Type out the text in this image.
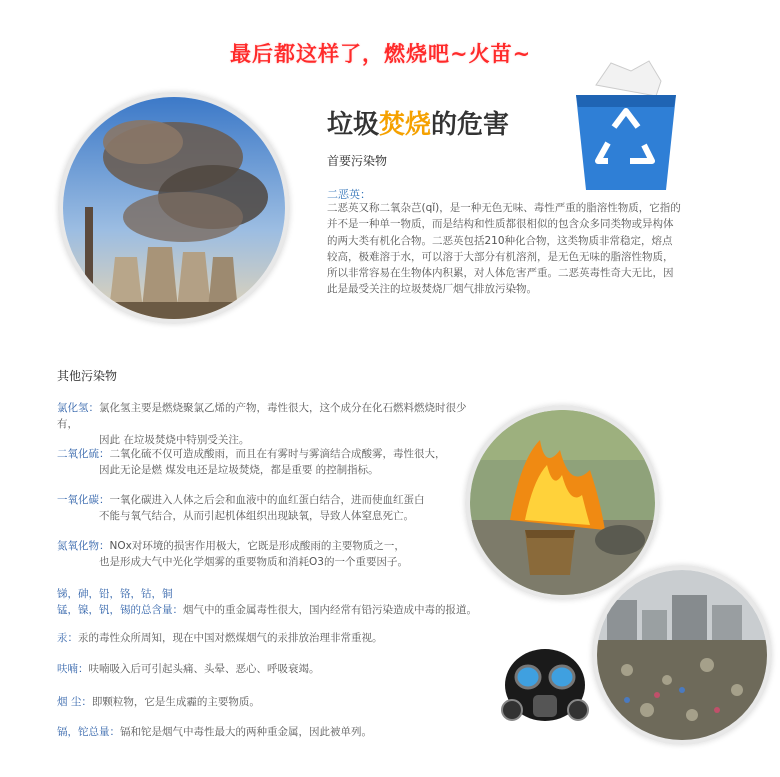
最后都这样了，燃烧吧~火苗~
垃圾焚烧的危害
首要污染物
二恶英：
二恶英又称二氧杂芑(qǐ)，是一种无色无味、毒性严重的脂溶性物质，它指的并不是一种单一物质，而是结构和性质都很相似的包含众多同类物或异构体的两大类有机化合物。二恶英包括210种化合物，这类物质非常稳定，熔点较高，极难溶于水，可以溶于大部分有机溶剂，是无色无味的脂溶性物质，所以非常容易在生物体内积累，对人体危害严重。二恶英毒性奇大无比，因此是最受关注的垃圾焚烧厂烟气排放污染物。
其他污染物
氯化氢：氯化氢主要是燃烧聚氯乙烯的产物，毒性很大，这个成分在化石燃料燃烧时很少有，
因此 在垃圾焚烧中特别受关注。
二氧化硫：二氧化硫不仅可造成酸雨，而且在有雾时与雾滴结合成酸雾，毒性很大，
因此无论是燃 煤发电还是垃圾焚烧，都是重要 的控制指标。
一氧化碳：一氧化碳进入人体之后会和血液中的血红蛋白结合，进而使血红蛋白
不能与氧气结合，从而引起机体组织出现缺氧，导致人体窒息死亡。
氮氧化物：NOx对环境的损害作用极大，它既是形成酸雨的主要物质之一，
也是形成大气中光化学烟雾的重要物质和消耗O3的一个重要因子。
锑，砷，铅，铬，钴，铜
锰，镍，钒，锡的总含量：烟气中的重金属毒性很大，国内经常有铅污染造成中毒的报道。
汞：汞的毒性众所周知，现在中国对燃煤烟气的汞排放治理非常重视。
呋喃：呋喃吸入后可引起头痛、头晕、恶心、呼吸衰竭。
烟 尘：即颗粒物，它是生成霾的主要物质。
镉，铊总量：镉和铊是烟气中毒性最大的两种重金属，因此被单列。
